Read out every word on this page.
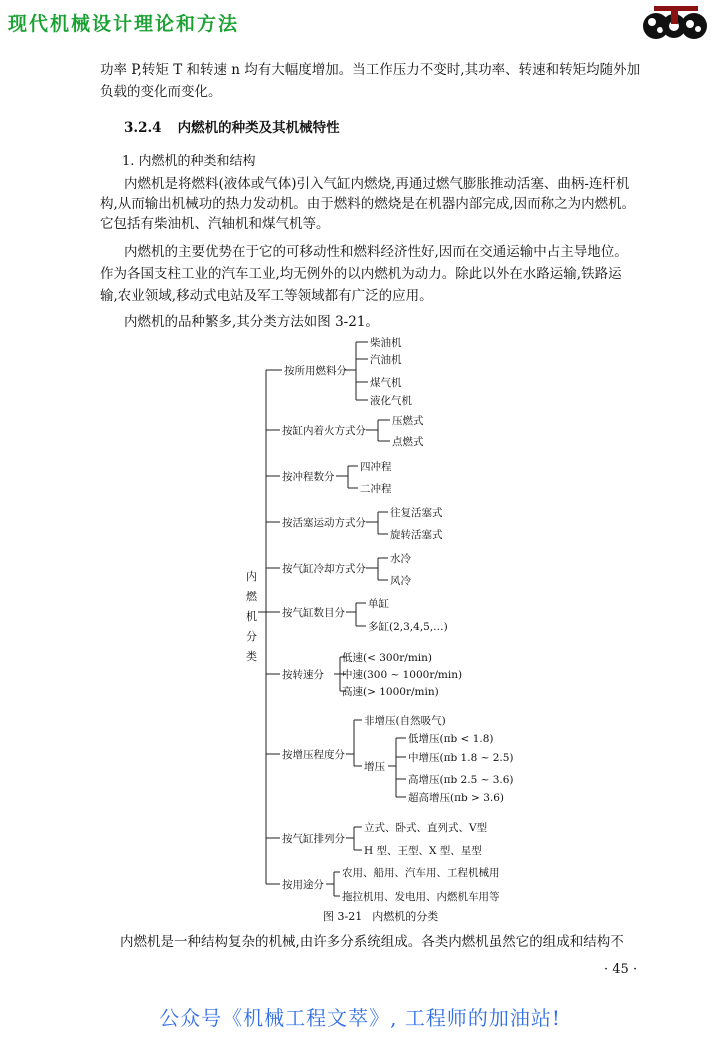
现代机械设计理论和方法

功率 P,转矩 T 和转速 n 均有大幅度增加。当工作压力不变时,其功率、转速和转矩均随外加

负载的变化而变化。

3.2.4 内燃机的种类及其机械特性
1. 内燃机的种类和结构

内燃机是将燃料(液体或气体)引入气缸内燃烧,再通过燃气膨胀推动活塞、曲柄-连杆机

构,从而输出机械功的热力发动机。由于燃料的燃烧是在机器内部完成,因而称之为内燃机。

它包括有柴油机、汽轴机和煤气机等。

内燃机的主要优势在于它的可移动性和燃料经济性好,因而在交通运输中占主导地位。

作为各国支柱工业的汽车工业,均无例外的以内燃机为动力。除此以外在水路运输,铁路运

输,农业领域,移动式电站及军工等领域都有广泛的应用。

内燃机的品种繁多,其分类方法如图 3-21。

内
燃
机
分
类
按所用燃料分
柴油机
汽油机
煤气机
液化气机
按缸内着火方式分
压燃式
点燃式
按冲程数分
四冲程
二冲程
按活塞运动方式分
往复活塞式
旋转活塞式
按气缸冷却方式分
水冷
风冷
按气缸数目分
单缸
多缸(2,3,4,5,…)
按转速分
低速(< 300r/min)
中速(300 ~ 1000r/min)
高速(> 1000r/min)
按增压程度分
非增压(自然吸气)
增压
低增压(πb < 1.8)
中增压(πb 1.8 ~ 2.5)
高增压(πb 2.5 ~ 3.6)
超高增压(πb > 3.6)
按气缸排列分
立式、卧式、直列式、V型
H 型、王型、X 型、星型
按用途分
农用、船用、汽车用、工程机械用
拖拉机用、发电用、内燃机车用等
图 3-21 内燃机的分类
内燃机是一种结构复杂的机械,由许多分系统组成。各类内燃机虽然它的组成和结构不
· 45 ·
公众号《机械工程文萃》, 工程师的加油站!
